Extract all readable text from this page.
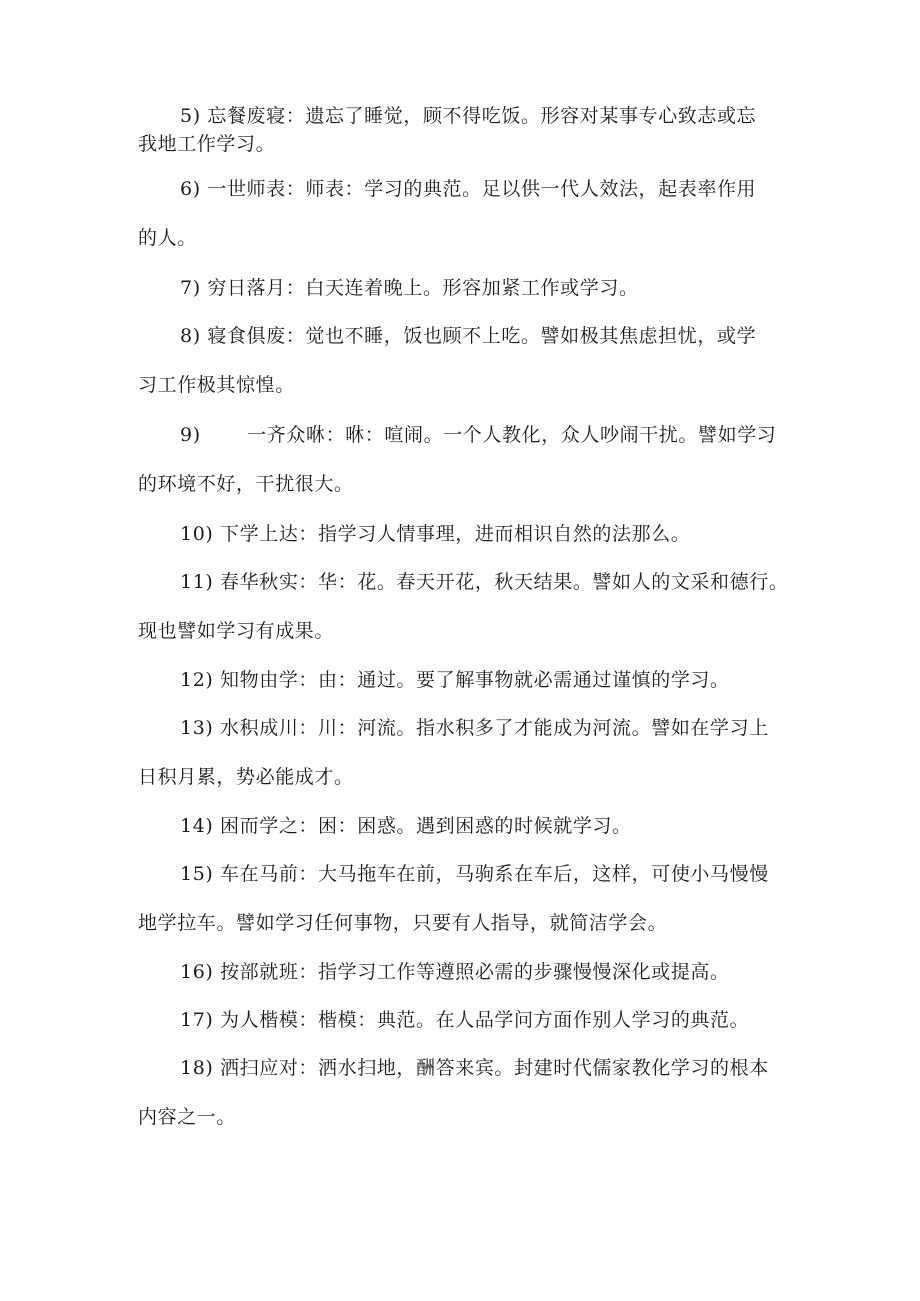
5) 忘餐废寝：遗忘了睡觉，顾不得吃饭。形容对某事专心致志或忘
我地工作学习。
6) 一世师表：师表：学习的典范。足以供一代人效法，起表率作用
的人。
7) 穷日落月：白天连着晚上。形容加紧工作或学习。
8) 寝食俱废：觉也不睡，饭也顾不上吃。譬如极其焦虑担忧，或学
习工作极其惊惶。
9) 一齐众咻：咻：喧闹。一个人教化，众人吵闹干扰。譬如学习
的环境不好，干扰很大。
10) 下学上达：指学习人情事理，进而相识自然的法那么。
11) 春华秋实：华：花。春天开花，秋天结果。譬如人的文采和德行。
现也譬如学习有成果。
12) 知物由学：由：通过。要了解事物就必需通过谨慎的学习。
13) 水积成川：川：河流。指水积多了才能成为河流。譬如在学习上
日积月累，势必能成才。
14) 困而学之：困：困惑。遇到困惑的时候就学习。
15) 车在马前：大马拖车在前，马驹系在车后，这样，可使小马慢慢
地学拉车。譬如学习任何事物，只要有人指导，就简洁学会。
16) 按部就班：指学习工作等遵照必需的步骤慢慢深化或提高。
17) 为人楷模：楷模：典范。在人品学问方面作别人学习的典范。
18) 洒扫应对：洒水扫地，酬答来宾。封建时代儒家教化学习的根本
内容之一。
